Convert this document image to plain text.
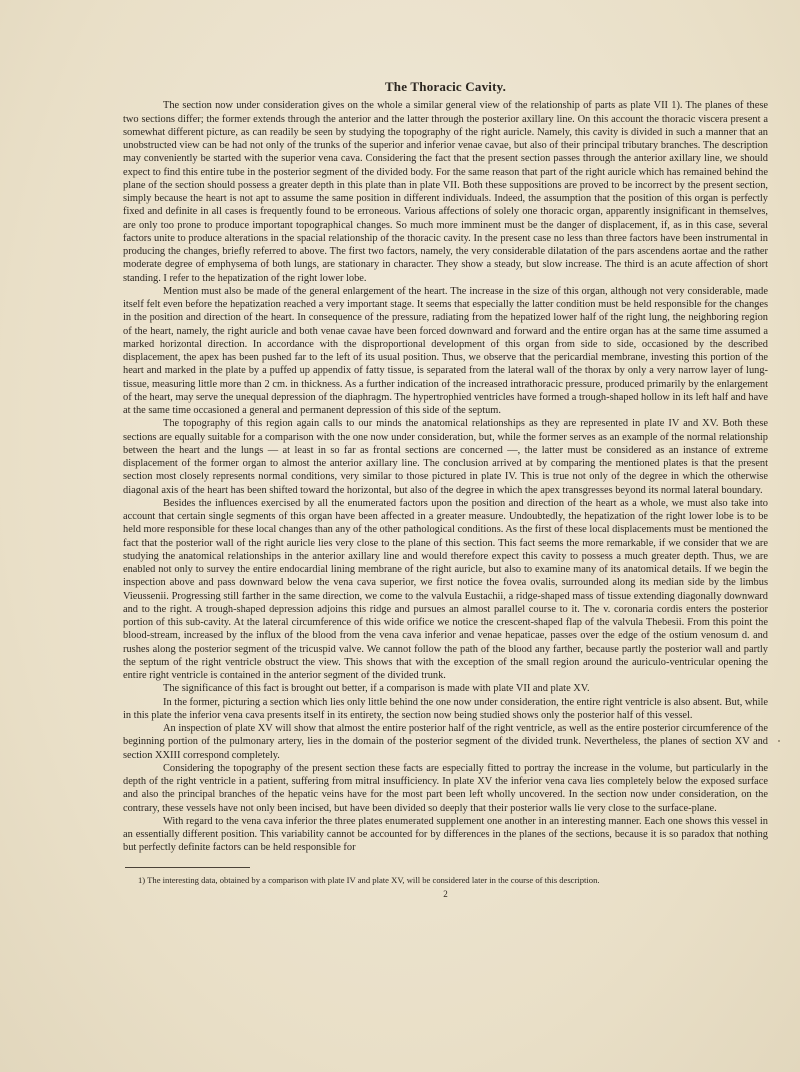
The Thoracic Cavity.

The section now under consideration gives on the whole a similar general view of the relationship of parts as plate VII 1). The planes of these two sections differ; the former extends through the anterior and the latter through the posterior axillary line. On this account the thoracic viscera present a somewhat different picture, as can readily be seen by studying the topography of the right auricle. Namely, this cavity is divided in such a manner that an unobstructed view can be had not only of the trunks of the superior and inferior venae cavae, but also of their principal tributary branches. The description may conveniently be started with the superior vena cava. Considering the fact that the present section passes through the anterior axillary line, we should expect to find this entire tube in the posterior segment of the divided body. For the same reason that part of the right auricle which has remained behind the plane of the section should possess a greater depth in this plate than in plate VII. Both these suppositions are proved to be incorrect by the present section, simply because the heart is not apt to assume the same position in different individuals. Indeed, the assumption that the position of this organ is perfectly fixed and definite in all cases is frequently found to be erroneous. Various affections of solely one thoracic organ, apparently insignificant in themselves, are only too prone to produce important topographical changes. So much more imminent must be the danger of displacement, if, as in this case, several factors unite to produce alterations in the spacial relationship of the thoracic cavity. In the present case no less than three factors have been instrumental in producing the changes, briefly referred to above. The first two factors, namely, the very considerable dilatation of the pars ascendens aortae and the rather moderate degree of emphysema of both lungs, are stationary in character. They show a steady, but slow increase. The third is an acute affection of short standing. I refer to the hepatization of the right lower lobe.

Mention must also be made of the general enlargement of the heart. The increase in the size of this organ, although not very considerable, made itself felt even before the hepatization reached a very important stage. It seems that especially the latter condition must be held responsible for the changes in the position and direction of the heart. In consequence of the pressure, radiating from the hepatized lower half of the right lung, the neighboring region of the heart, namely, the right auricle and both venae cavae have been forced downward and forward and the entire organ has at the same time assumed a marked horizontal direction. In accordance with the disproportional development of this organ from side to side, occasioned by the described displacement, the apex has been pushed far to the left of its usual position. Thus, we observe that the pericardial membrane, investing this portion of the heart and marked in the plate by a puffed up appendix of fatty tissue, is separated from the lateral wall of the thorax by only a very narrow layer of lung-tissue, measuring little more than 2 cm. in thickness. As a further indication of the increased intrathoracic pressure, produced primarily by the enlargement of the heart, may serve the unequal depression of the diaphragm. The hypertrophied ventricles have formed a trough-shaped hollow in its left half and have at the same time occasioned a general and permanent depression of this side of the septum.

The topography of this region again calls to our minds the anatomical relationships as they are represented in plate IV and XV. Both these sections are equally suitable for a comparison with the one now under consideration, but, while the former serves as an example of the normal relationship between the heart and the lungs — at least in so far as frontal sections are concerned —, the latter must be considered as an instance of extreme displacement of the former organ to almost the anterior axillary line. The conclusion arrived at by comparing the mentioned plates is that the present section most closely represents normal conditions, very similar to those pictured in plate IV. This is true not only of the degree in which the otherwise diagonal axis of the heart has been shifted toward the horizontal, but also of the degree in which the apex transgresses beyond its normal lateral boundary.

Besides the influences exercised by all the enumerated factors upon the position and direction of the heart as a whole, we must also take into account that certain single segments of this organ have been affected in a greater measure. Undoubtedly, the hepatization of the right lower lobe is to be held more responsible for these local changes than any of the other pathological conditions. As the first of these local displacements must be mentioned the fact that the posterior wall of the right auricle lies very close to the plane of this section. This fact seems the more remarkable, if we consider that we are studying the anatomical relationships in the anterior axillary line and would therefore expect this cavity to possess a much greater depth. Thus, we are enabled not only to survey the entire endocardial lining membrane of the right auricle, but also to examine many of its anatomical details. If we begin the inspection above and pass downward below the vena cava superior, we first notice the fovea ovalis, surrounded along its median side by the limbus Vieussenii. Progressing still farther in the same direction, we come to the valvula Eustachii, a ridge-shaped mass of tissue extending diagonally downward and to the right. A trough-shaped depression adjoins this ridge and pursues an almost parallel course to it. The v. coronaria cordis enters the posterior portion of this sub-cavity. At the lateral circumference of this wide orifice we notice the crescent-shaped flap of the valvula Thebesii. From this point the blood-stream, increased by the influx of the blood from the vena cava inferior and venae hepaticae, passes over the edge of the ostium venosum d. and rushes along the posterior segment of the tricuspid valve. We cannot follow the path of the blood any farther, because partly the posterior wall and partly the septum of the right ventricle obstruct the view. This shows that with the exception of the small region around the auriculo-ventricular opening the entire right ventricle is contained in the anterior segment of the divided trunk.

The significance of this fact is brought out better, if a comparison is made with plate VII and plate XV.

In the former, picturing a section which lies only little behind the one now under consideration, the entire right ventricle is also absent. But, while in this plate the inferior vena cava presents itself in its entirety, the section now being studied shows only the posterior half of this vessel.

An inspection of plate XV will show that almost the entire posterior half of the right ventricle, as well as the entire posterior circumference of the beginning portion of the pulmonary artery, lies in the domain of the posterior segment of the divided trunk. Nevertheless, the planes of section XV and section XXIII correspond completely.

Considering the topography of the present section these facts are especially fitted to portray the increase in the volume, but particularly in the depth of the right ventricle in a patient, suffering from mitral insufficiency. In plate XV the inferior vena cava lies completely below the exposed surface and also the principal branches of the hepatic veins have for the most part been left wholly uncovered. In the section now under consideration, on the contrary, these vessels have not only been incised, but have been divided so deeply that their posterior walls lie very close to the surface-plane.

With regard to the vena cava inferior the three plates enumerated supplement one another in an interesting manner. Each one shows this vessel in an essentially different position. This variability cannot be accounted for by differences in the planes of the sections, because it is so paradox that nothing but perfectly definite factors can be held responsible for

1) The interesting data, obtained by a comparison with plate IV and plate XV, will be considered later in the course of this description.

2
